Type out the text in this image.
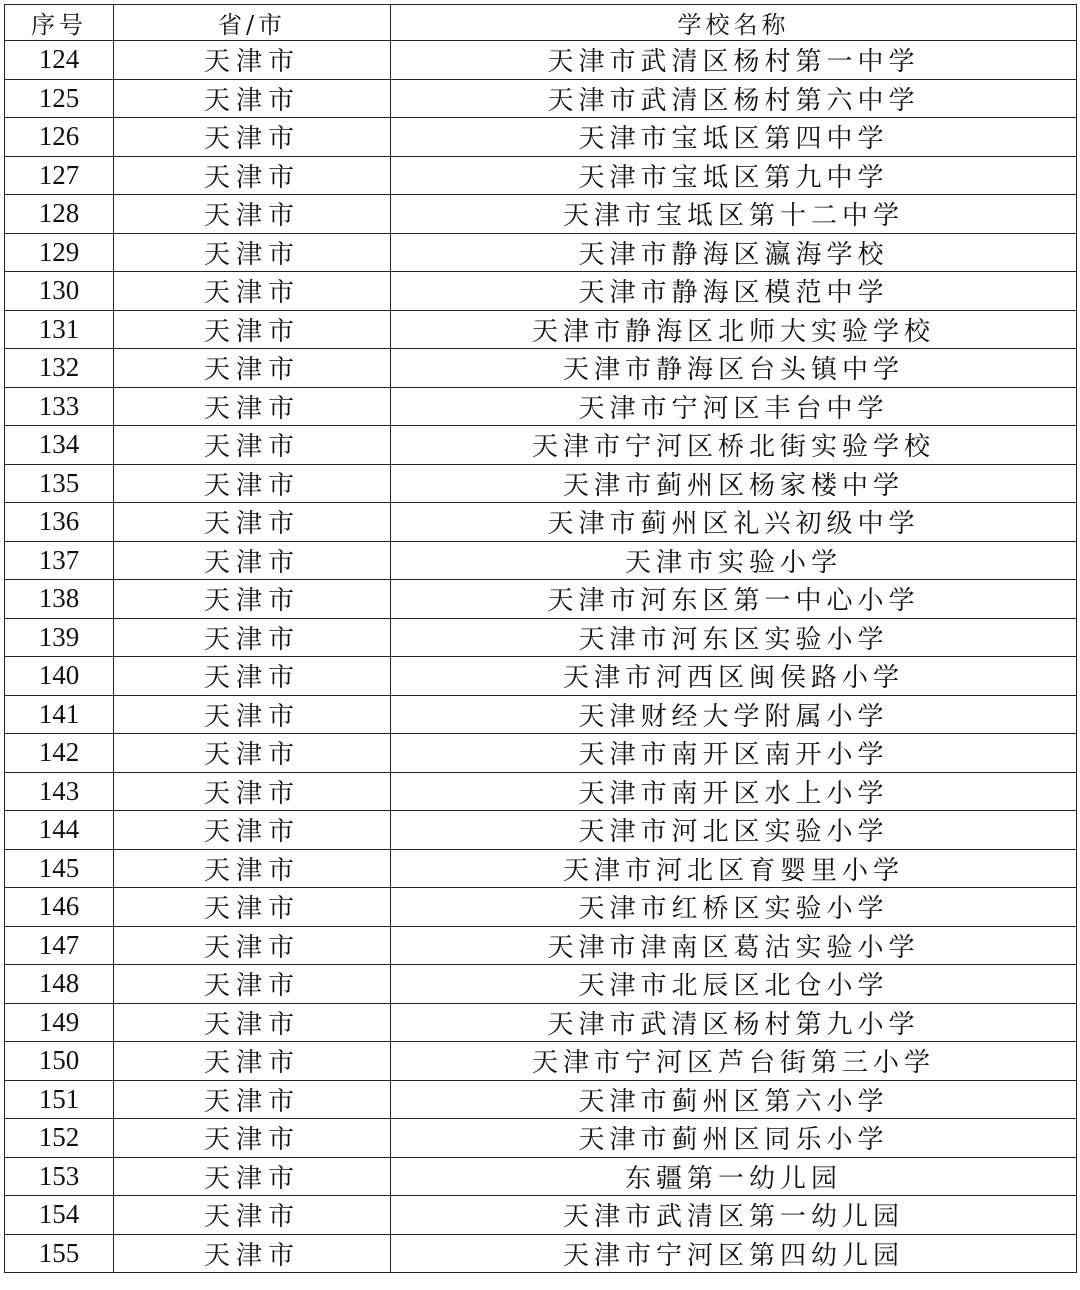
序号	省/市	学校名称
124	天津市	天津市武清区杨村第一中学
125	天津市	天津市武清区杨村第六中学
126	天津市	天津市宝坻区第四中学
127	天津市	天津市宝坻区第九中学
128	天津市	天津市宝坻区第十二中学
129	天津市	天津市静海区瀛海学校
130	天津市	天津市静海区模范中学
131	天津市	天津市静海区北师大实验学校
132	天津市	天津市静海区台头镇中学
133	天津市	天津市宁河区丰台中学
134	天津市	天津市宁河区桥北街实验学校
135	天津市	天津市蓟州区杨家楼中学
136	天津市	天津市蓟州区礼兴初级中学
137	天津市	天津市实验小学
138	天津市	天津市河东区第一中心小学
139	天津市	天津市河东区实验小学
140	天津市	天津市河西区闽侯路小学
141	天津市	天津财经大学附属小学
142	天津市	天津市南开区南开小学
143	天津市	天津市南开区水上小学
144	天津市	天津市河北区实验小学
145	天津市	天津市河北区育婴里小学
146	天津市	天津市红桥区实验小学
147	天津市	天津市津南区葛沽实验小学
148	天津市	天津市北辰区北仓小学
149	天津市	天津市武清区杨村第九小学
150	天津市	天津市宁河区芦台街第三小学
151	天津市	天津市蓟州区第六小学
152	天津市	天津市蓟州区同乐小学
153	天津市	东疆第一幼儿园
154	天津市	天津市武清区第一幼儿园
155	天津市	天津市宁河区第四幼儿园
